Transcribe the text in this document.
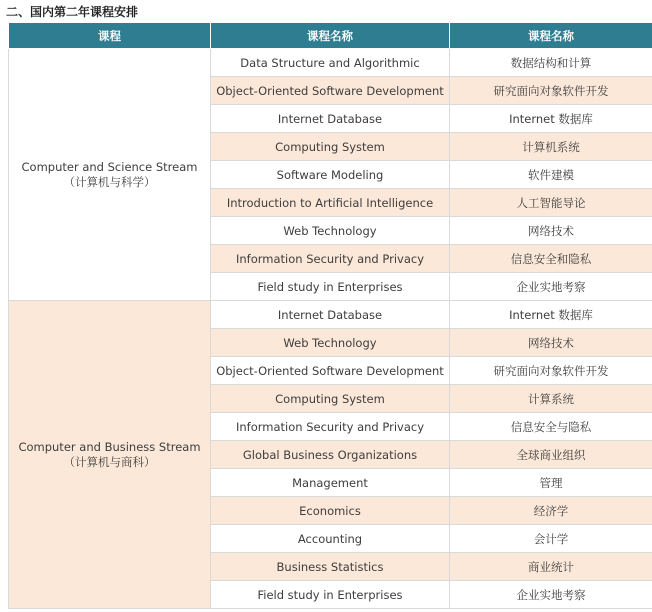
二、国内第二年课程安排
课程	课程名称	课程名称

Computer and Science Stream
（计算机与科学）	Data Structure and Algorithmic	数据结构和计算
	Object-Oriented Software Development	研究面向对象软件开发
	Internet Database	Internet 数据库
	Computing System	计算机系统
	Software Modeling	软件建模
	Introduction to Artificial Intelligence	人工智能导论
	Web Technology	网络技术
	Information Security and Privacy	信息安全和隐私
	Field study in Enterprises	企业实地考察

Computer and Business Stream
（计算机与商科）	Internet Database	Internet 数据库
	Web Technology	网络技术
	Object-Oriented Software Development	研究面向对象软件开发
	Computing System	计算系统
	Information Security and Privacy	信息安全与隐私
	Global Business Organizations	全球商业组织
	Management	管理
	Economics	经济学
	Accounting	会计学
	Business Statistics	商业统计
	Field study in Enterprises	企业实地考察
